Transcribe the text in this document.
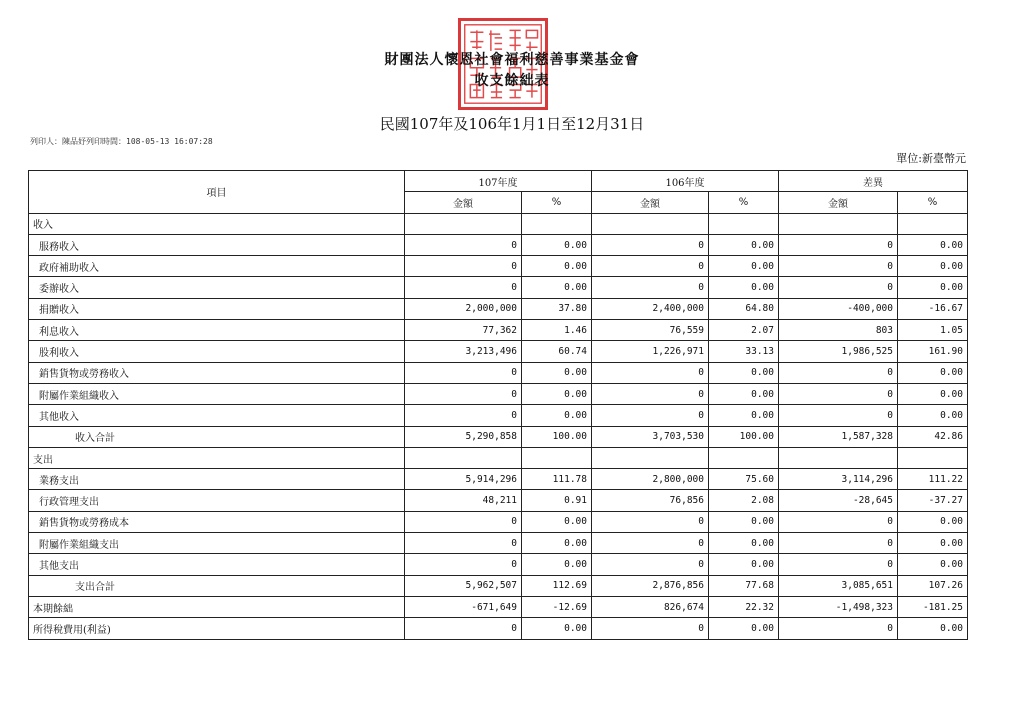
財團法人懷恩社會福利慈善事業基金會
收支餘絀表
民國107年及106年1月1日至12月31日
列印人：陳品妤列印時間：108-05-13 16:07:28
單位:新臺幣元
項目	107年度		106年度		差異	
	金額	%	金額	%	金額	%
收入						
服務收入	0	0.00	0	0.00	0	0.00
政府補助收入	0	0.00	0	0.00	0	0.00
委辦收入	0	0.00	0	0.00	0	0.00
捐贈收入	2,000,000	37.80	2,400,000	64.80	-400,000	-16.67
利息收入	77,362	1.46	76,559	2.07	803	1.05
股利收入	3,213,496	60.74	1,226,971	33.13	1,986,525	161.90
銷售貨物或勞務收入	0	0.00	0	0.00	0	0.00
附屬作業組織收入	0	0.00	0	0.00	0	0.00
其他收入	0	0.00	0	0.00	0	0.00
收入合計	5,290,858	100.00	3,703,530	100.00	1,587,328	42.86
支出						
業務支出	5,914,296	111.78	2,800,000	75.60	3,114,296	111.22
行政管理支出	48,211	0.91	76,856	2.08	-28,645	-37.27
銷售貨物或勞務成本	0	0.00	0	0.00	0	0.00
附屬作業組織支出	0	0.00	0	0.00	0	0.00
其他支出	0	0.00	0	0.00	0	0.00
支出合計	5,962,507	112.69	2,876,856	77.68	3,085,651	107.26
本期餘絀	-671,649	-12.69	826,674	22.32	-1,498,323	-181.25
所得稅費用(利益)	0	0.00	0	0.00	0	0.00
